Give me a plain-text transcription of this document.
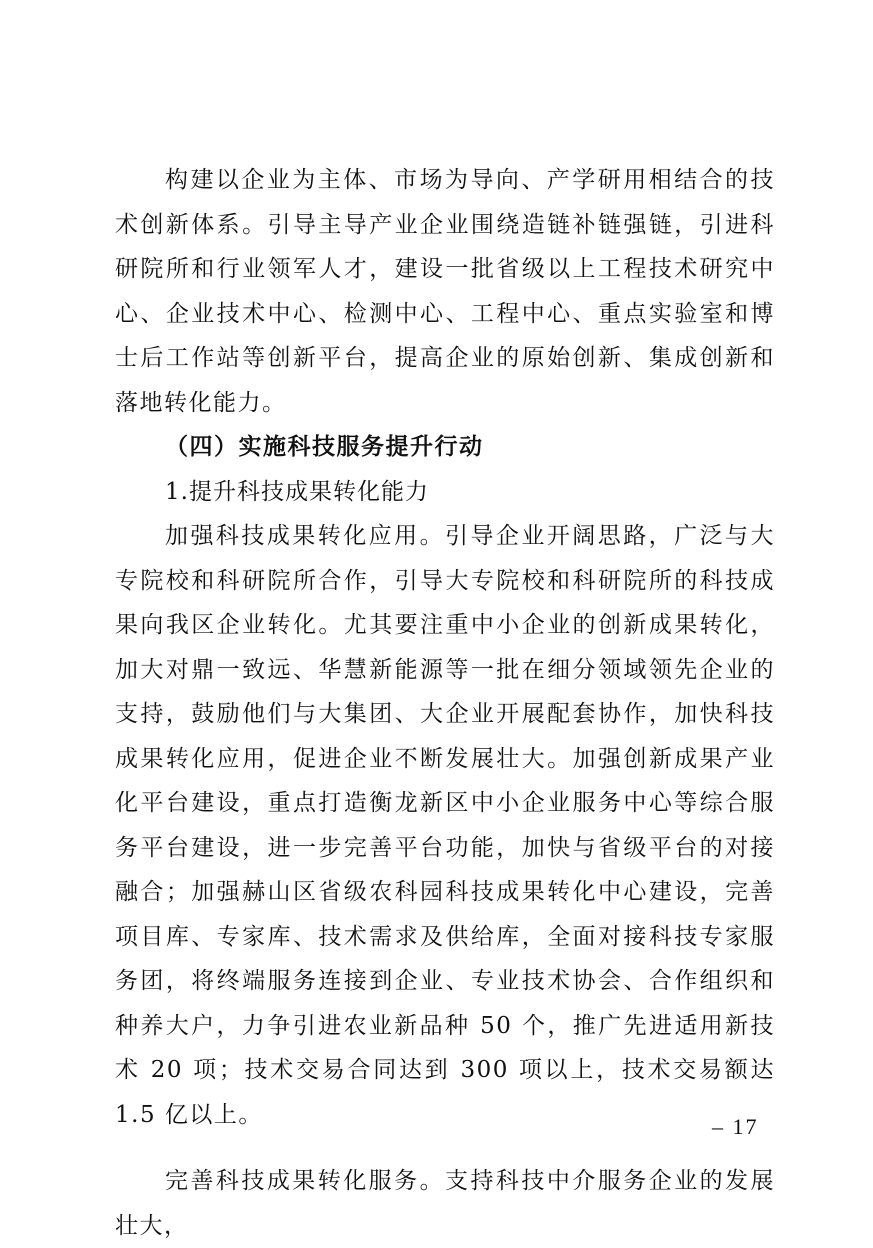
构建以企业为主体、市场为导向、产学研用相结合的技术创新体系。引导主导产业企业围绕造链补链强链，引进科研院所和行业领军人才，建设一批省级以上工程技术研究中心、企业技术中心、检测中心、工程中心、重点实验室和博士后工作站等创新平台，提高企业的原始创新、集成创新和落地转化能力。

（四）实施科技服务提升行动

1.提升科技成果转化能力

加强科技成果转化应用。引导企业开阔思路，广泛与大专院校和科研院所合作，引导大专院校和科研院所的科技成果向我区企业转化。尤其要注重中小企业的创新成果转化，加大对鼎一致远、华慧新能源等一批在细分领域领先企业的支持，鼓励他们与大集团、大企业开展配套协作，加快科技成果转化应用，促进企业不断发展壮大。加强创新成果产业化平台建设，重点打造衡龙新区中小企业服务中心等综合服务平台建设，进一步完善平台功能，加快与省级平台的对接融合；加强赫山区省级农科园科技成果转化中心建设，完善项目库、专家库、技术需求及供给库，全面对接科技专家服务团，将终端服务连接到企业、专业技术协会、合作组织和种养大户，力争引进农业新品种 50 个，推广先进适用新技术 20 项；技术交易合同达到 300 项以上，技术交易额达 1.5 亿以上。

完善科技成果转化服务。支持科技中介服务企业的发展壮大，

– 17
